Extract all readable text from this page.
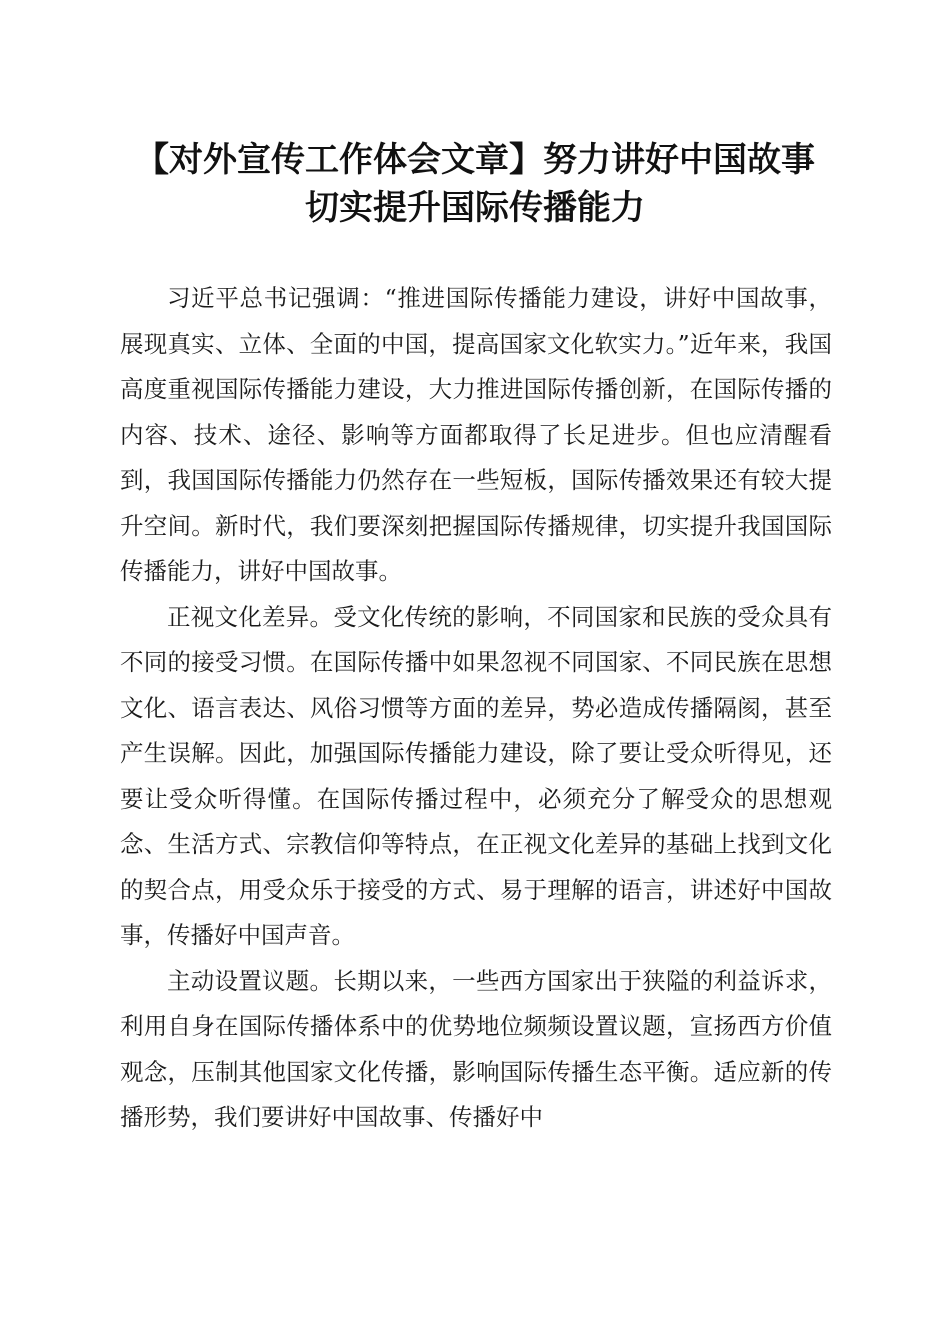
【对外宣传工作体会文章】努力讲好中国故事
切实提升国际传播能力

习近平总书记强调：“推进国际传播能力建设，讲好中国故事，展现真实、立体、全面的中国，提高国家文化软实力。”近年来，我国高度重视国际传播能力建设，大力推进国际传播创新，在国际传播的内容、技术、途径、影响等方面都取得了长足进步。但也应清醒看到，我国国际传播能力仍然存在一些短板，国际传播效果还有较大提升空间。新时代，我们要深刻把握国际传播规律，切实提升我国国际传播能力，讲好中国故事。

正视文化差异。受文化传统的影响，不同国家和民族的受众具有不同的接受习惯。在国际传播中如果忽视不同国家、不同民族在思想文化、语言表达、风俗习惯等方面的差异，势必造成传播隔阂，甚至产生误解。因此，加强国际传播能力建设，除了要让受众听得见，还要让受众听得懂。在国际传播过程中，必须充分了解受众的思想观念、生活方式、宗教信仰等特点，在正视文化差异的基础上找到文化的契合点，用受众乐于接受的方式、易于理解的语言，讲述好中国故事，传播好中国声音。

主动设置议题。长期以来，一些西方国家出于狭隘的利益诉求，利用自身在国际传播体系中的优势地位频频设置议题，宣扬西方价值观念，压制其他国家文化传播，影响国际传播生态平衡。适应新的传播形势，我们要讲好中国故事、传播好中
